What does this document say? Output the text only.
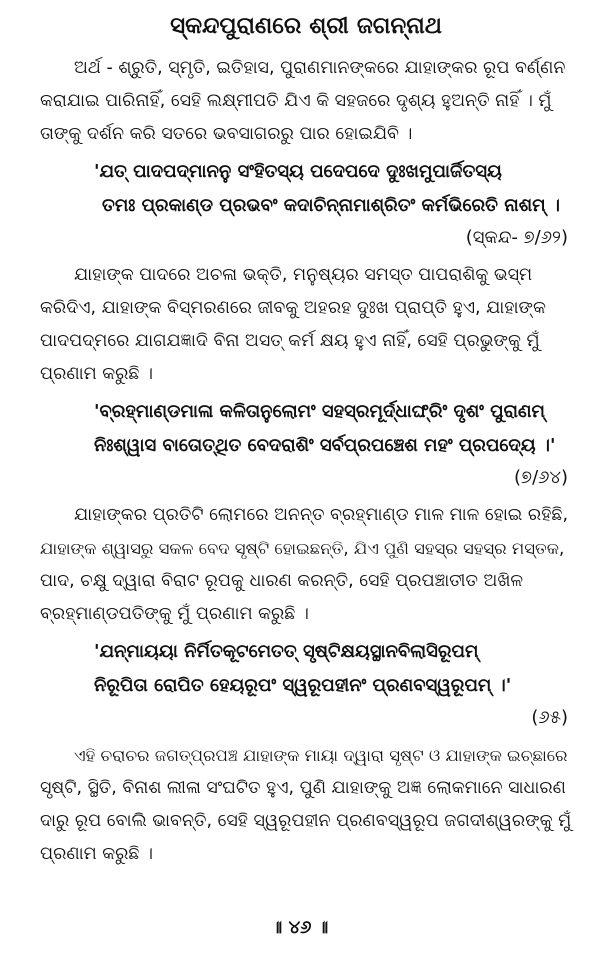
ସ୍କନ୍ଦପୁରାଣରେ ଶ୍ରୀ ଜଗନ୍ନାଥ
ଅର୍ଥ - ଶ୍ରୁତି, ସ୍ମୃତି, ଇତିହାସ, ପୁରାଣମାନଙ୍କରେ ଯାହାଙ୍କର ରୂପ ବର୍ଣ୍ଣନ
କରାଯାଇ ପାରିନାହିଁ, ସେହି ଲକ୍ଷ୍ମୀପତି ଯିଏ କି ସହଜରେ ଦୃଶ୍ୟ ହୁଅନ୍ତି ନାହିଁ । ମୁଁ
ତାଙ୍କୁ ଦର୍ଶନ କରି ସତରେ ଭବସାଗରରୁ ପାର ହୋଇଯିବି ।
'ଯତ୍ ପାଦପଦ୍ମାନନୁ ସଂହିତସ୍ୟ ପଦେପଦେ ଦୁଃଖମୁପାର୍ଜିତସ୍ୟ
ତମଃ ପ୍ରକାଣ୍ଡ ପ୍ରଭବଂ କଦାଚିନ୍ନାମାଶ୍ରିତଂ କର୍ମଭିରେତି ନାଶମ୍ ।
(ସ୍କନ୍ଦ- ୭/୬୨)
ଯାହାଙ୍କ ପାଦରେ ଅଚଳା ଭକ୍ତି, ମନୁଷ୍ୟର ସମସ୍ତ ପାପରାଶିକୁ ଭସ୍ମ
କରିଦିଏ, ଯାହାଙ୍କ ବିସ୍ମରଣରେ ଜୀବକୁ ଅହରହ ଦୁଃଖ ପ୍ରାପ୍ତି ହୁଏ, ଯାହାଙ୍କ
ପାଦପଦ୍ମରେ ଯାଗଯଜ୍ଞାଦି ବିନା ଅସତ୍ କର୍ମ କ୍ଷୟ ହୁଏ ନାହିଁ, ସେହି ପ୍ରଭୁଙ୍କୁ ମୁଁ
ପ୍ରଣାମ କରୁଛି ।
'ବ୍ରହ୍ମାଣ୍ଡମାଳା କଳିତାନୁଲୋମଂ ସହସ୍ରମୂର୍ଦ୍ଧାଙ୍ଘ୍ରିଂ ଦୃଶଂ ପୁରାଣମ୍
ନିଃଶ୍ୱାସ ବାତୋତ୍‌ଥିତ ବେଦରାଶିଂ ସର୍ବପ୍ରପଞ୍ଚେଶ ମହଂ ପ୍ରପଦ୍ୟେ ।'
(୭/୬୪)
ଯାହାଙ୍କର ପ୍ରତିଟି ଲୋମରେ ଅନନ୍ତ ବ୍ରହ୍ମାଣ୍ଡ ମାଳ ମାଳ ହୋଇ ରହିଛି,
ଯାହାଙ୍କ ଶ୍ୱାସରୁ ସକଳ ବେଦ ସୃଷ୍ଟି ହୋଇଛନ୍ତି, ଯିଏ ପୁଣି ସହସ୍ର ସହସ୍ର ମସ୍ତକ,
ପାଦ, ଚକ୍ଷୁ ଦ୍ୱାରା ବିରାଟ ରୂପକୁ ଧାରଣ କରନ୍ତି, ସେହି ପ୍ରପଞ୍ଚାତୀତ ଅଖିଳ
ବ୍ରହ୍ମାଣ୍ଡପତିଙ୍କୁ ମୁଁ ପ୍ରଣାମ କରୁଛି ।
'ଯନ୍ମାୟୟା ନିର୍ମିତକୂଟମେତତ୍ ସୃଷ୍ଟିକ୍ଷୟସ୍ଥାନବିଲାସିରୂପମ୍
ନିରୂପିତା ରୋପିତ ହେୟରୂପଂ ସ୍ୱରୂପହୀନଂ ପ୍ରଣବସ୍ୱରୂପମ୍ ।'
(୬୫)
ଏହି ଚରାଚର ଜଗତ୍‌ପ୍ରପଞ୍ଚ ଯାହାଙ୍କ ମାୟା ଦ୍ୱାରା ସୃଷ୍ଟ ଓ ଯାହାଙ୍କ ଇଚ୍ଛାରେ
ସୃଷ୍ଟି, ସ୍ଥିତି, ବିନାଶ ଲୀଳା ସଂଘଟିତ ହୁଏ, ପୁଣି ଯାହାଙ୍କୁ ଅଜ୍ଞ ଲୋକମାନେ ସାଧାରଣ
ଦାରୁ ରୂପ ବୋଲି ଭାବନ୍ତି, ସେହି ସ୍ୱରୂପହୀନ ପ୍ରଣବସ୍ୱରୂପ ଜଗଦୀଶ୍ୱରଙ୍କୁ ମୁଁ
ପ୍ରଣାମ କରୁଛି ।
॥ ୪୬ ॥
